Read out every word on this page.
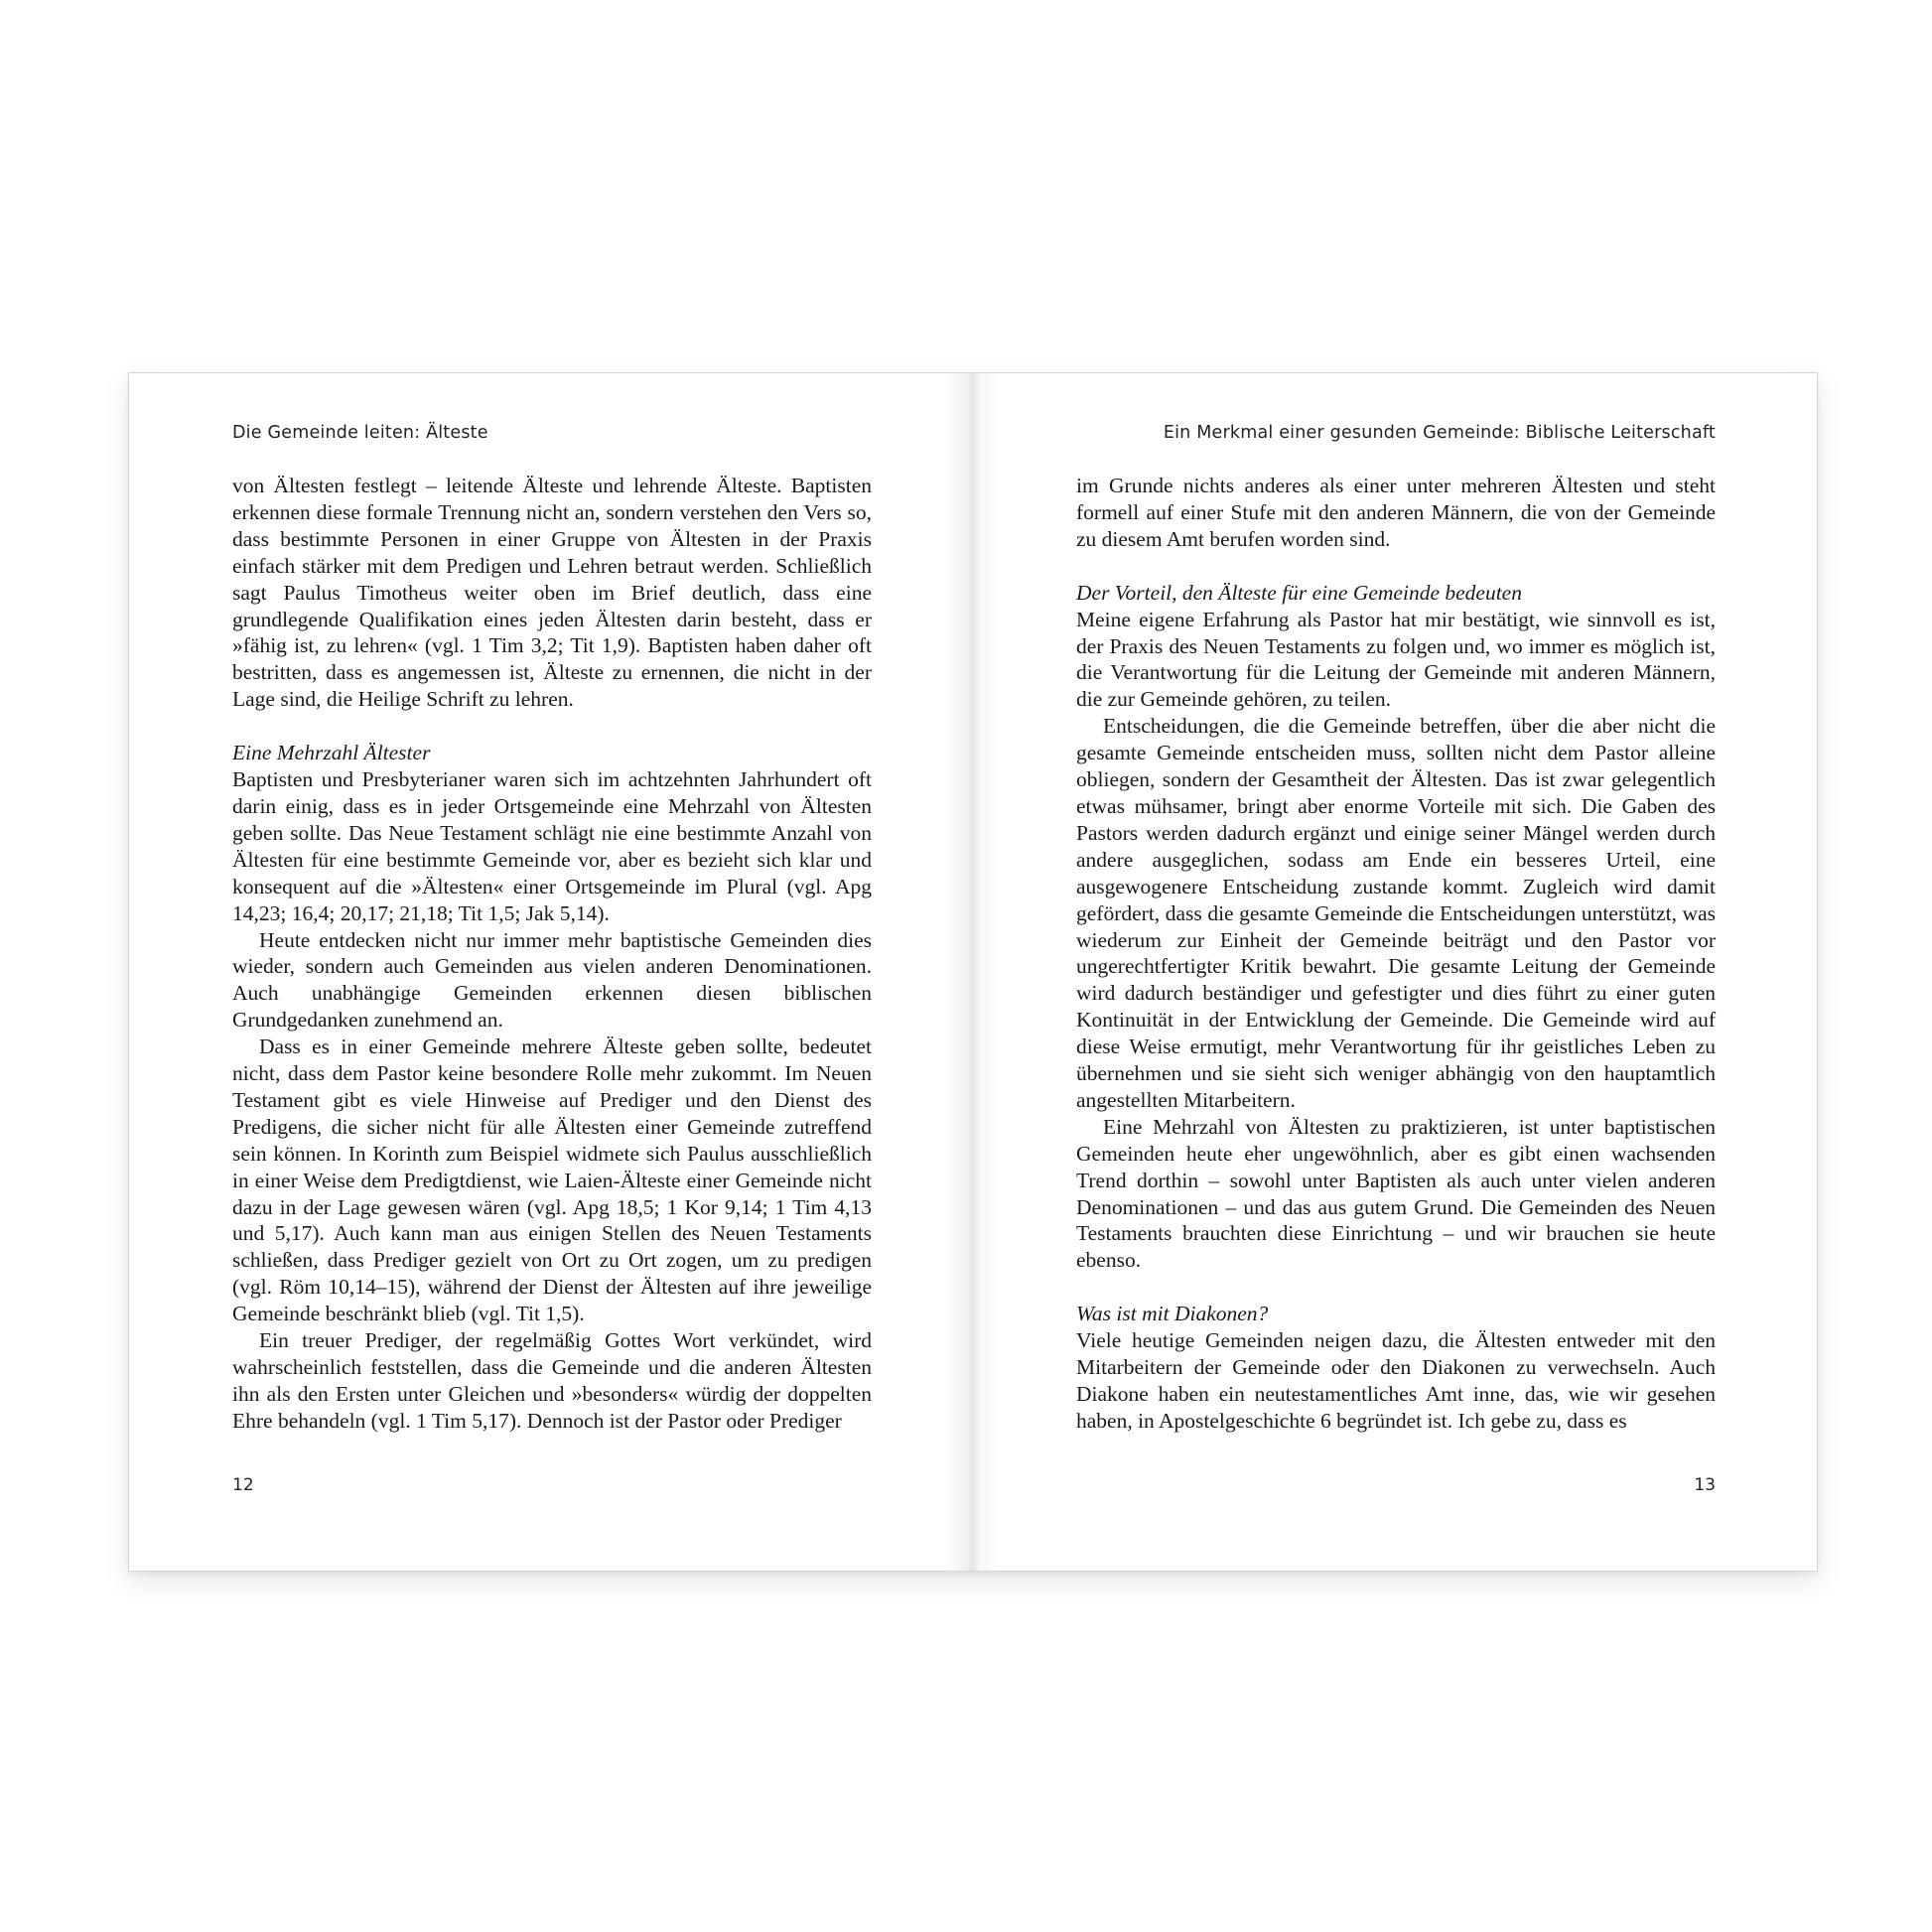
Die Gemeinde leiten: Älteste

von Ältesten festlegt – leitende Älteste und lehrende Älteste. Baptisten erkennen diese formale Trennung nicht an, sondern verstehen den Vers so, dass bestimmte Personen in einer Gruppe von Ältesten in der Praxis einfach stärker mit dem Predigen und Lehren betraut werden. Schließlich sagt Paulus Timotheus weiter oben im Brief deutlich, dass eine grundlegende Qualifikation eines jeden Ältesten darin besteht, dass er »fähig ist, zu lehren« (vgl. 1 Tim 3,2; Tit 1,9). Baptisten haben daher oft bestritten, dass es angemessen ist, Älteste zu ernennen, die nicht in der Lage sind, die Heilige Schrift zu lehren.

Eine Mehrzahl Ältester

Baptisten und Presbyterianer waren sich im achtzehnten Jahrhundert oft darin einig, dass es in jeder Ortsgemeinde eine Mehrzahl von Ältesten geben sollte. Das Neue Testament schlägt nie eine bestimmte Anzahl von Ältesten für eine bestimmte Gemeinde vor, aber es bezieht sich klar und konsequent auf die »Ältesten« einer Ortsgemeinde im Plural (vgl. Apg 14,23; 16,4; 20,17; 21,18; Tit 1,5; Jak 5,14).

Heute entdecken nicht nur immer mehr baptistische Gemeinden dies wieder, sondern auch Gemeinden aus vielen anderen Denominationen. Auch unabhängige Gemeinden erkennen diesen biblischen Grundgedanken zunehmend an.

Dass es in einer Gemeinde mehrere Älteste geben sollte, bedeutet nicht, dass dem Pastor keine besondere Rolle mehr zukommt. Im Neuen Testament gibt es viele Hinweise auf Prediger und den Dienst des Predigens, die sicher nicht für alle Ältesten einer Gemeinde zutreffend sein können. In Korinth zum Beispiel widmete sich Paulus ausschließlich in einer Weise dem Predigtdienst, wie Laien-Älteste einer Gemeinde nicht dazu in der Lage gewesen wären (vgl. Apg 18,5; 1 Kor 9,14; 1 Tim 4,13 und 5,17). Auch kann man aus einigen Stellen des Neuen Testaments schließen, dass Prediger gezielt von Ort zu Ort zogen, um zu predigen (vgl. Röm 10,14–15), während der Dienst der Ältesten auf ihre jeweilige Gemeinde beschränkt blieb (vgl. Tit 1,5).

Ein treuer Prediger, der regelmäßig Gottes Wort verkündet, wird wahrscheinlich feststellen, dass die Gemeinde und die anderen Ältesten ihn als den Ersten unter Gleichen und »besonders« würdig der doppelten Ehre behandeln (vgl. 1 Tim 5,17). Dennoch ist der Pastor oder Prediger

12
Ein Merkmal einer gesunden Gemeinde: Biblische Leiterschaft

im Grunde nichts anderes als einer unter mehreren Ältesten und steht formell auf einer Stufe mit den anderen Männern, die von der Gemeinde zu diesem Amt berufen worden sind.

Der Vorteil, den Älteste für eine Gemeinde bedeuten

Meine eigene Erfahrung als Pastor hat mir bestätigt, wie sinnvoll es ist, der Praxis des Neuen Testaments zu folgen und, wo immer es möglich ist, die Verantwortung für die Leitung der Gemeinde mit anderen Männern, die zur Gemeinde gehören, zu teilen.

Entscheidungen, die die Gemeinde betreffen, über die aber nicht die gesamte Gemeinde entscheiden muss, sollten nicht dem Pastor alleine obliegen, sondern der Gesamtheit der Ältesten. Das ist zwar gelegentlich etwas mühsamer, bringt aber enorme Vorteile mit sich. Die Gaben des Pastors werden dadurch ergänzt und einige seiner Mängel werden durch andere ausgeglichen, sodass am Ende ein besseres Urteil, eine ausgewogenere Entscheidung zustande kommt. Zugleich wird damit gefördert, dass die gesamte Gemeinde die Entscheidungen unterstützt, was wiederum zur Einheit der Gemeinde beiträgt und den Pastor vor ungerechtfertigter Kritik bewahrt. Die gesamte Leitung der Gemeinde wird dadurch beständiger und gefestigter und dies führt zu einer guten Kontinuität in der Entwicklung der Gemeinde. Die Gemeinde wird auf diese Weise ermutigt, mehr Verantwortung für ihr geistliches Leben zu übernehmen und sie sieht sich weniger abhängig von den hauptamtlich angestellten Mitarbeitern.

Eine Mehrzahl von Ältesten zu praktizieren, ist unter baptistischen Gemeinden heute eher ungewöhnlich, aber es gibt einen wachsenden Trend dorthin – sowohl unter Baptisten als auch unter vielen anderen Denominationen – und das aus gutem Grund. Die Gemeinden des Neuen Testaments brauchten diese Einrichtung – und wir brauchen sie heute ebenso.

Was ist mit Diakonen?

Viele heutige Gemeinden neigen dazu, die Ältesten entweder mit den Mitarbeitern der Gemeinde oder den Diakonen zu verwechseln. Auch Diakone haben ein neutestamentliches Amt inne, das, wie wir gesehen haben, in Apostelgeschichte 6 begründet ist. Ich gebe zu, dass es

13
